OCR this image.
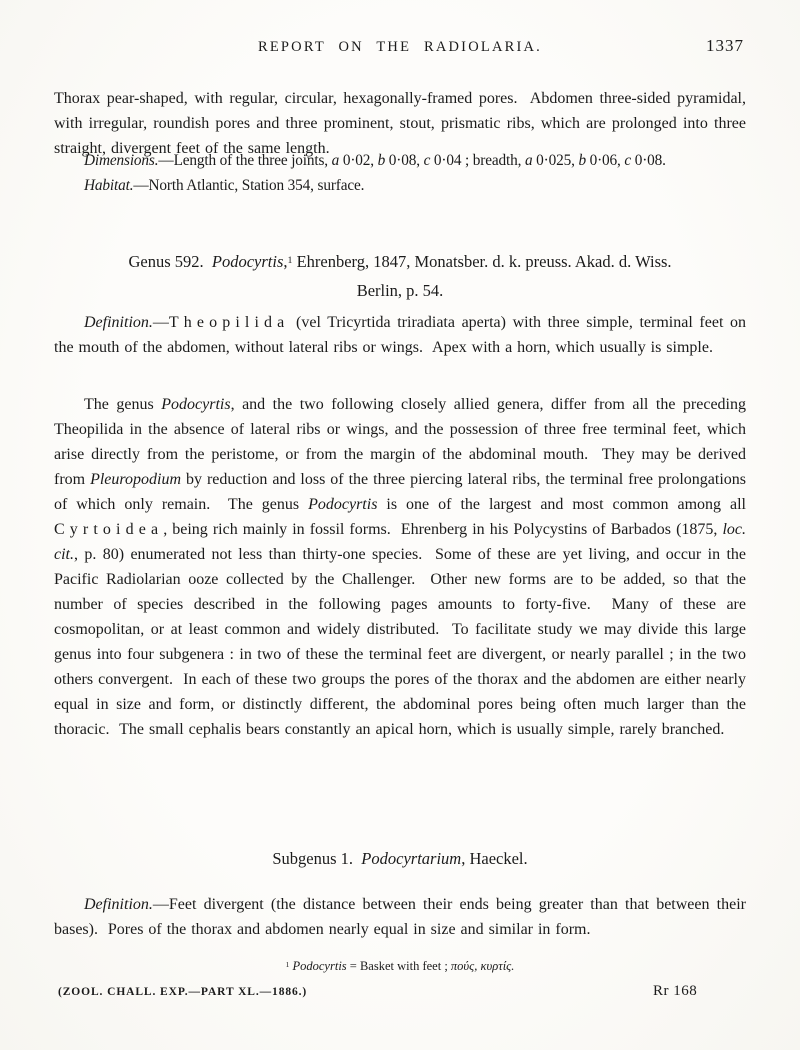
REPORT ON THE RADIOLARIA.	1337

Thorax pear-shaped, with regular, circular, hexagonally-framed pores.  Abdomen three-sided pyramidal, with irregular, roundish pores and three prominent, stout, prismatic ribs, which are prolonged into three straight, divergent feet of the same length.

Dimensions.—Length of the three joints, a 0·02, b 0·08, c 0·04 ; breadth, a 0·025, b 0·06, c 0·08.

Habitat.—North Atlantic, Station 354, surface.

Genus 592.  Podocyrtis,$^1$ Ehrenberg, 1847, Monatsber. d. k. preuss. Akad. d. Wiss.
Berlin, p. 54.

Definition.—Theopilida (vel Tricyrtida triradiata aperta) with three simple, terminal feet on the mouth of the abdomen, without lateral ribs or wings.  Apex with a horn, which usually is simple.

The genus Podocyrtis, and the two following closely allied genera, differ from all the preceding Theopilida in the absence of lateral ribs or wings, and the possession of three free terminal feet, which arise directly from the peristome, or from the margin of the abdominal mouth.  They may be derived from Pleuropodium by reduction and loss of the three piercing lateral ribs, the terminal free prolongations of which only remain.  The genus Podocyrtis is one of the largest and most common among all Cyrtoidea, being rich mainly in fossil forms.  Ehrenberg in his Polycystins of Barbados (1875, loc. cit., p. 80) enumerated not less than thirty-one species.  Some of these are yet living, and occur in the Pacific Radiolarian ooze collected by the Challenger.  Other new forms are to be added, so that the number of species described in the following pages amounts to forty-five.  Many of these are cosmopolitan, or at least common and widely distributed.  To facilitate study we may divide this large genus into four subgenera : in two of these the terminal feet are divergent, or nearly parallel ; in the two others convergent.  In each of these two groups the pores of the thorax and the abdomen are either nearly equal in size and form, or distinctly different, the abdominal pores being often much larger than the thoracic.  The small cephalis bears constantly an apical horn, which is usually simple, rarely branched.

Subgenus 1.  Podocyrtarium, Haeckel.

Definition.—Feet divergent (the distance between their ends being greater than that between their bases).  Pores of the thorax and abdomen nearly equal in size and similar in form.

$^1$ Podocyrtis = Basket with feet ; πούς, κυρτίς.
(ZOOL. CHALL. EXP.—PART XL.—1886.)	Rr 168
